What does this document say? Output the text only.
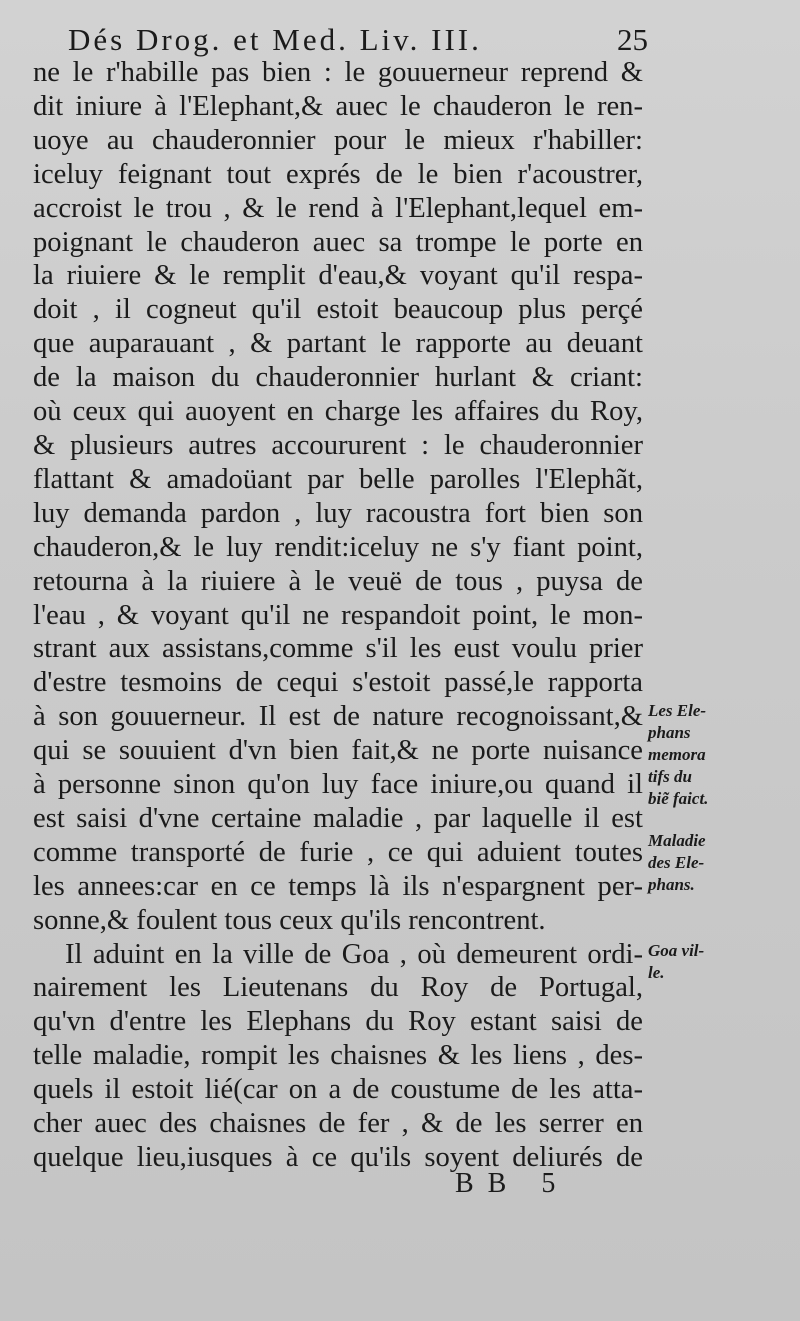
Dés Drog. et Med. Liv. III.	25
ne le r'habille pas bien : le gouuerneur reprend &
dit iniure à l'Elephant,& auec le chauderon le ren-
uoye au chauderonnier pour le mieux r'habiller:
iceluy feignant tout exprés de le bien r'acoustrer,
accroist le trou , & le rend à l'Elephant,lequel em-
poignant le chauderon auec sa trompe le porte en
la riuiere & le remplit d'eau,& voyant qu'il respa-
doit , il cogneut qu'il estoit beaucoup plus perçé
que auparauant , & partant le rapporte au deuant
de la maison du chauderonnier hurlant & criant:
où ceux qui auoyent en charge les affaires du Roy,
& plusieurs autres accoururent : le chauderonnier
flattant & amadoüant par belle parolles l'Elephãt,
luy demanda pardon , luy racoustra fort bien son
chauderon,& le luy rendit:iceluy ne s'y fiant point,
retourna à la riuiere à le veuë de tous , puysa de
l'eau , & voyant qu'il ne respandoit point, le mon-
strant aux assistans,comme s'il les eust voulu prier
d'estre tesmoins de cequi s'estoit passé,le rapporta
à son gouuerneur. Il est de nature recognoissant,&
qui se souuient d'vn bien fait,& ne porte nuisance
à personne sinon qu'on luy face iniure,ou quand il
est saisi d'vne certaine maladie , par laquelle il est
comme transporté de furie , ce qui aduient toutes
les annees:car en ce temps là ils n'espargnent per-
sonne,& foulent tous ceux qu'ils rencontrent.
Il aduint en la ville de Goa , où demeurent ordi-
nairement les Lieutenans du Roy de Portugal,
qu'vn d'entre les Elephans du Roy estant saisi de
telle maladie, rompit les chaisnes & les liens , des-
quels il estoit lié(car on a de coustume de les atta-
cher auec des chaisnes de fer , & de les serrer en
quelque lieu,iusques à ce qu'ils soyent deliurés de
Les Ele-
phans
memora
tifs du
biẽ faict.
Maladie
des Ele-
phans.
Goa vil-
le.
BB 5
